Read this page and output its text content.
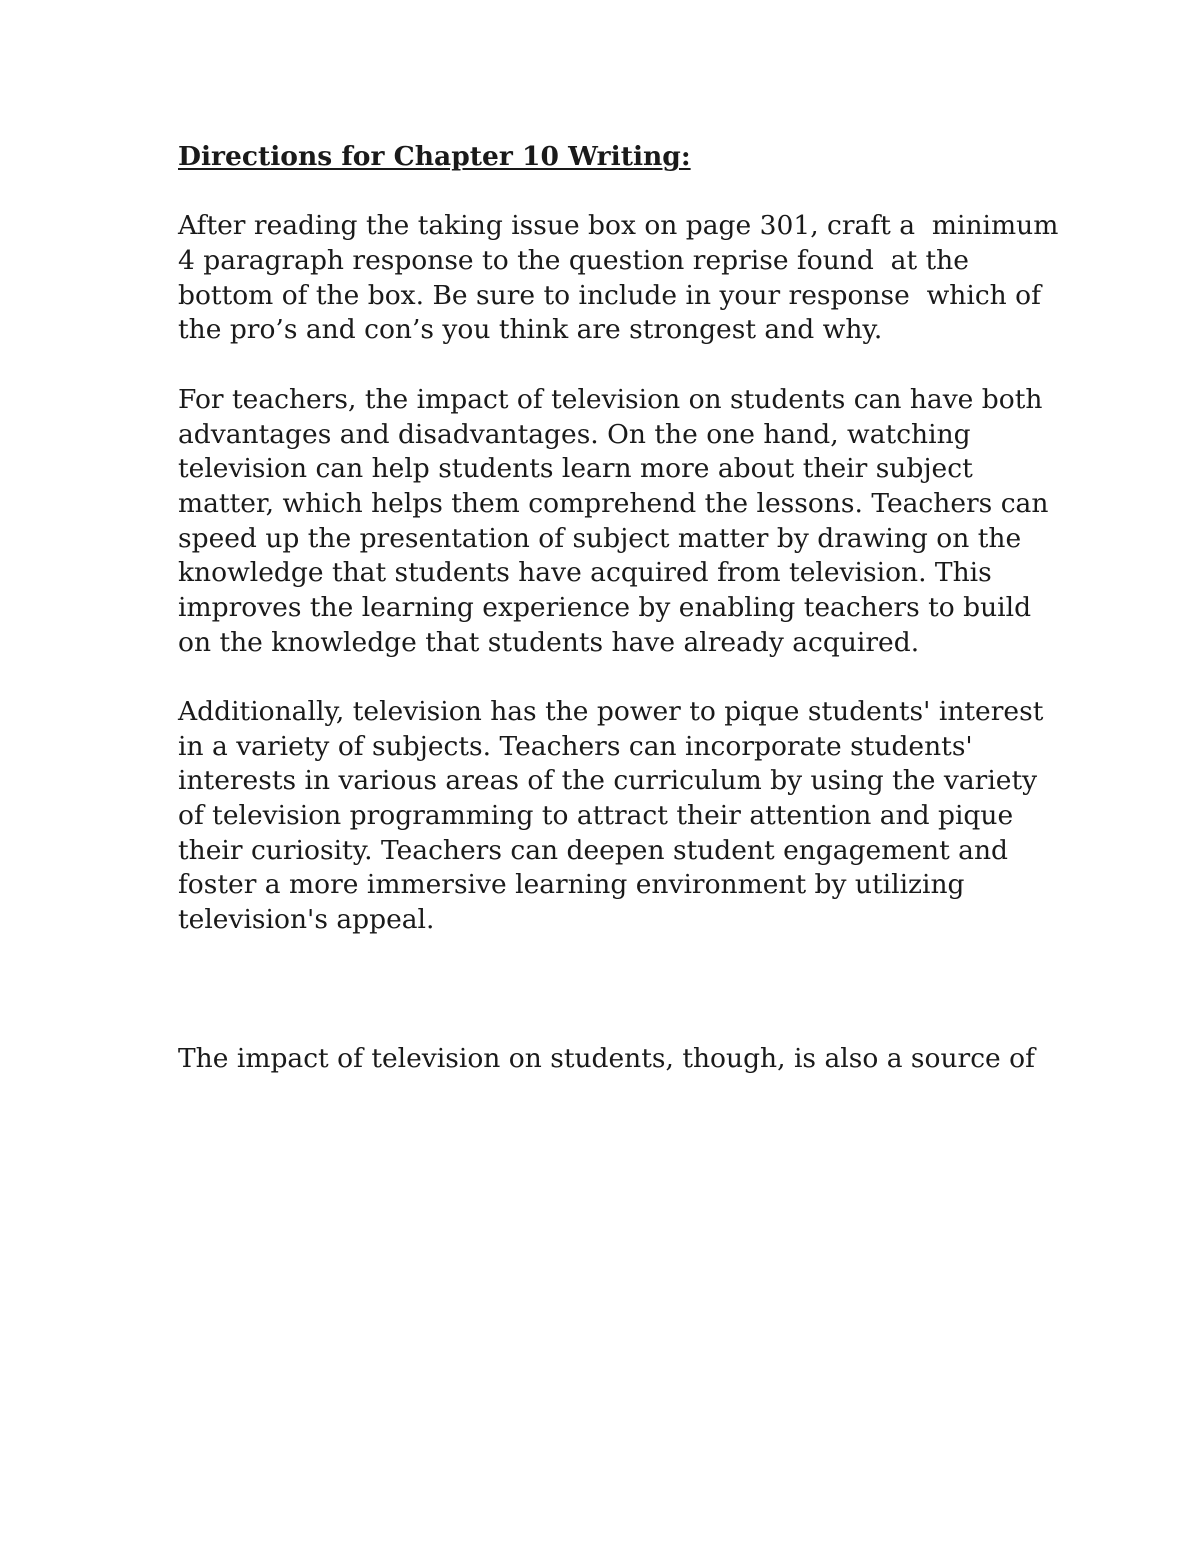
Directions for Chapter 10 Writing:
After reading the taking issue box on page 301, craft a  minimum
4 paragraph response to the question reprise found  at the
bottom of the box. Be sure to include in your response  which of
the pro’s and con’s you think are strongest and why.
For teachers, the impact of television on students can have both
advantages and disadvantages. On the one hand, watching
television can help students learn more about their subject
matter, which helps them comprehend the lessons. Teachers can
speed up the presentation of subject matter by drawing on the
knowledge that students have acquired from television. This
improves the learning experience by enabling teachers to build
on the knowledge that students have already acquired.
Additionally, television has the power to pique students' interest
in a variety of subjects. Teachers can incorporate students'
interests in various areas of the curriculum by using the variety
of television programming to attract their attention and pique
their curiosity. Teachers can deepen student engagement and
foster a more immersive learning environment by utilizing
television's appeal.
The impact of television on students, though, is also a source of
